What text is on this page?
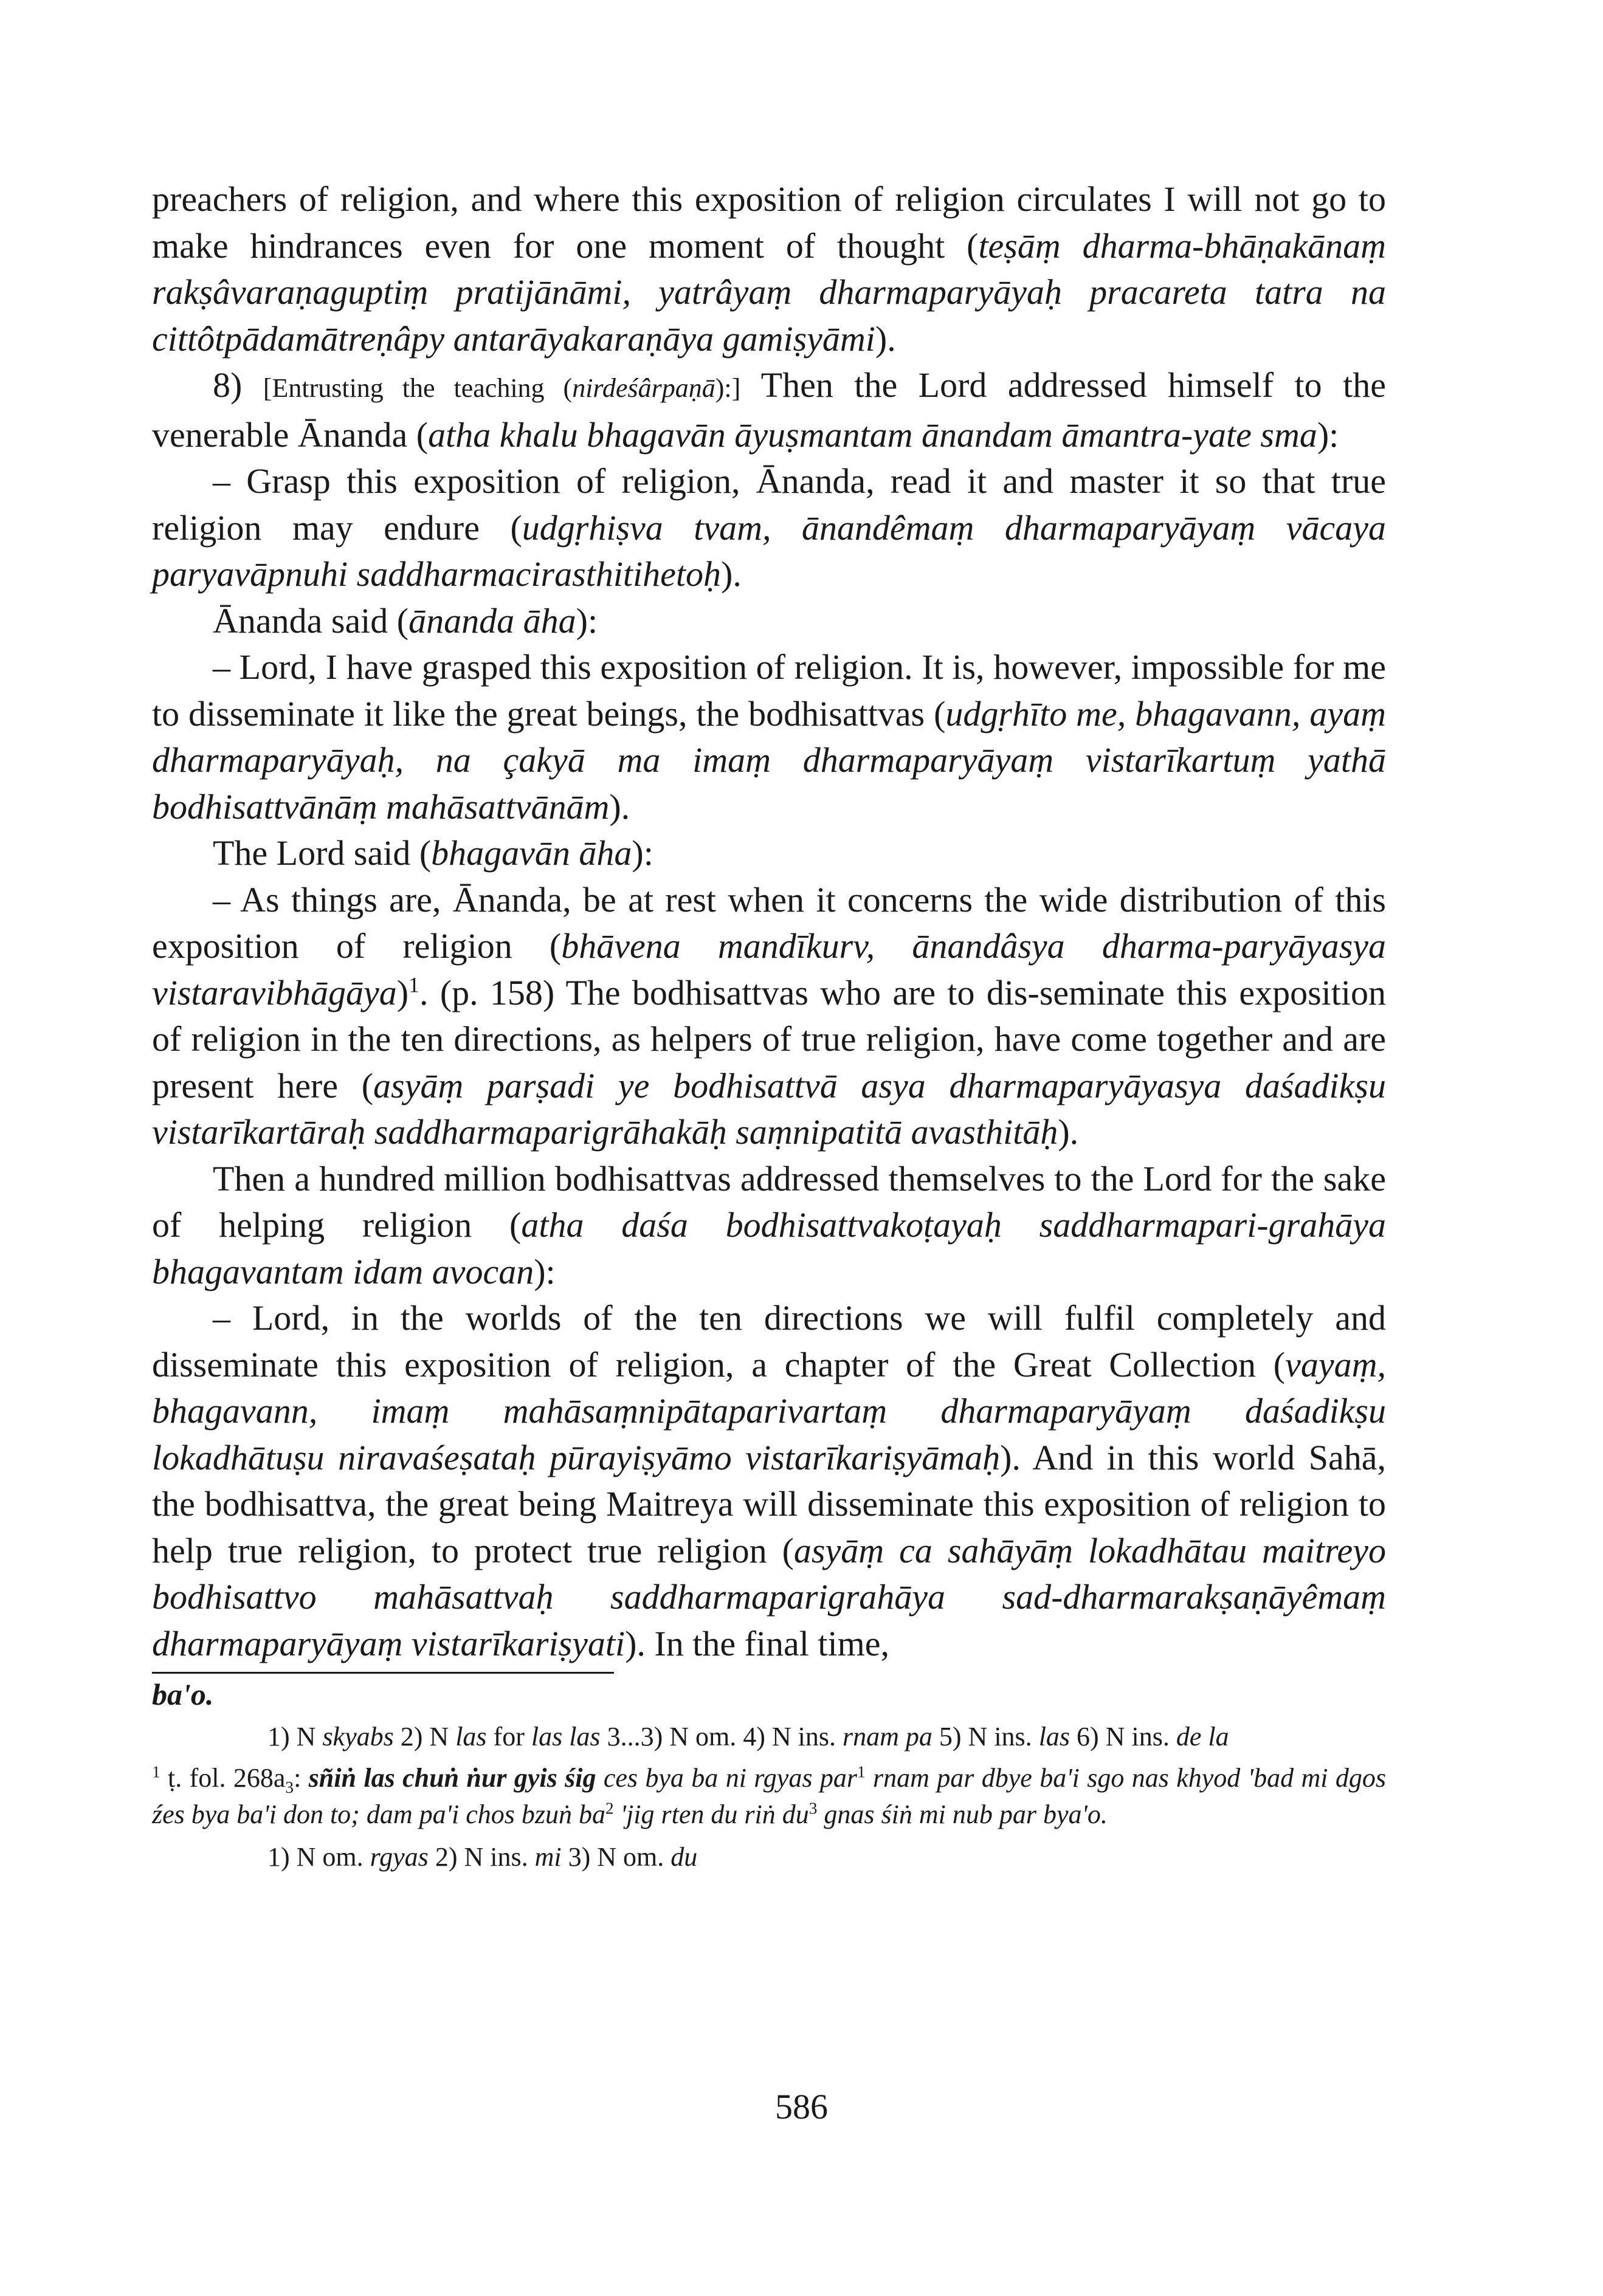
preachers of religion, and where this exposition of religion circulates I will not go to make hindrances even for one moment of thought (teṣāṃ dharma-bhāṇakānaṃ rakṣâvaraṇaguptiṃ pratijānāmi, yatrâyaṃ dharmaparyāyaḥ pracareta tatra na cittôtpādamātreṇâpy antarāyakaraṇāya gamiṣyāmi).

8) [Entrusting the teaching (nirdeśârpaṇā):] Then the Lord addressed himself to the venerable Ānanda (atha khalu bhagavān āyuṣmantam ānandam āmantra-yate sma):

– Grasp this exposition of religion, Ānanda, read it and master it so that true religion may endure (udgṛhiṣva tvam, ānandêmaṃ dharmaparyāyaṃ vācaya paryavāpnuhi saddharmacirasthitihetoḥ).

Ānanda said (ānanda āha):

– Lord, I have grasped this exposition of religion. It is, however, impossible for me to disseminate it like the great beings, the bodhisattvas (udgṛhīto me, bhagavann, ayaṃ dharmaparyāyaḥ, na çakyā ma imaṃ dharmaparyāyaṃ vistarīkartuṃ yathā bodhisattvānāṃ mahāsattvānām).

The Lord said (bhagavān āha):

– As things are, Ānanda, be at rest when it concerns the wide distribution of this exposition of religion (bhāvena mandīkurv, ānandâsya dharma-paryāyasya vistaravibhāgāya)$^1$. (p. 158) The bodhisattvas who are to dis-seminate this exposition of religion in the ten directions, as helpers of true religion, have come together and are present here (asyāṃ parṣadi ye bodhisattvā asya dharmaparyāyasya daśadikṣu vistarīkartāraḥ saddharmaparigrāhakāḥ saṃnipatitā avasthitāḥ).

Then a hundred million bodhisattvas addressed themselves to the Lord for the sake of helping religion (atha daśa bodhisattvakoṭayaḥ saddharmapari-grahāya bhagavantam idam avocan):

– Lord, in the worlds of the ten directions we will fulfil completely and disseminate this exposition of religion, a chapter of the Great Collection (vayaṃ, bhagavann, imaṃ mahāsaṃnipātaparivartaṃ dharmaparyāyaṃ daśadikṣu lokadhātuṣu niravaśeṣataḥ pūrayiṣyāmo vistarīkariṣyāmaḥ). And in this world Sahā, the bodhisattva, the great being Maitreya will disseminate this exposition of religion to help true religion, to protect true religion (asyāṃ ca sahāyāṃ lokadhātau maitreyo bodhisattvo mahāsattvaḥ saddharmaparigrahāya sad-dharmarakṣaṇāyêmaṃ dharmaparyāyaṃ vistarīkariṣyati). In the final time,

ba'o.

1) N skyabs 2) N las for las las 3...3) N om. 4) N ins. rnam pa 5) N ins. las 6) N ins. de la

$^1$ ṭ. fol. $268a_3$: sñiṅ las chuṅ ṅur gyis śig ces bya ba ni rgyas par$^1$ rnam par dbye ba'i sgo nas khyod 'bad mi dgos źes bya ba'i don to; dam pa'i chos bzuṅ $ba^2$ 'jig rten du riṅ $du^3$ gnas śiṅ mi nub par bya'o.

1) N om. rgyas 2) N ins. mi 3) N om. du

586
